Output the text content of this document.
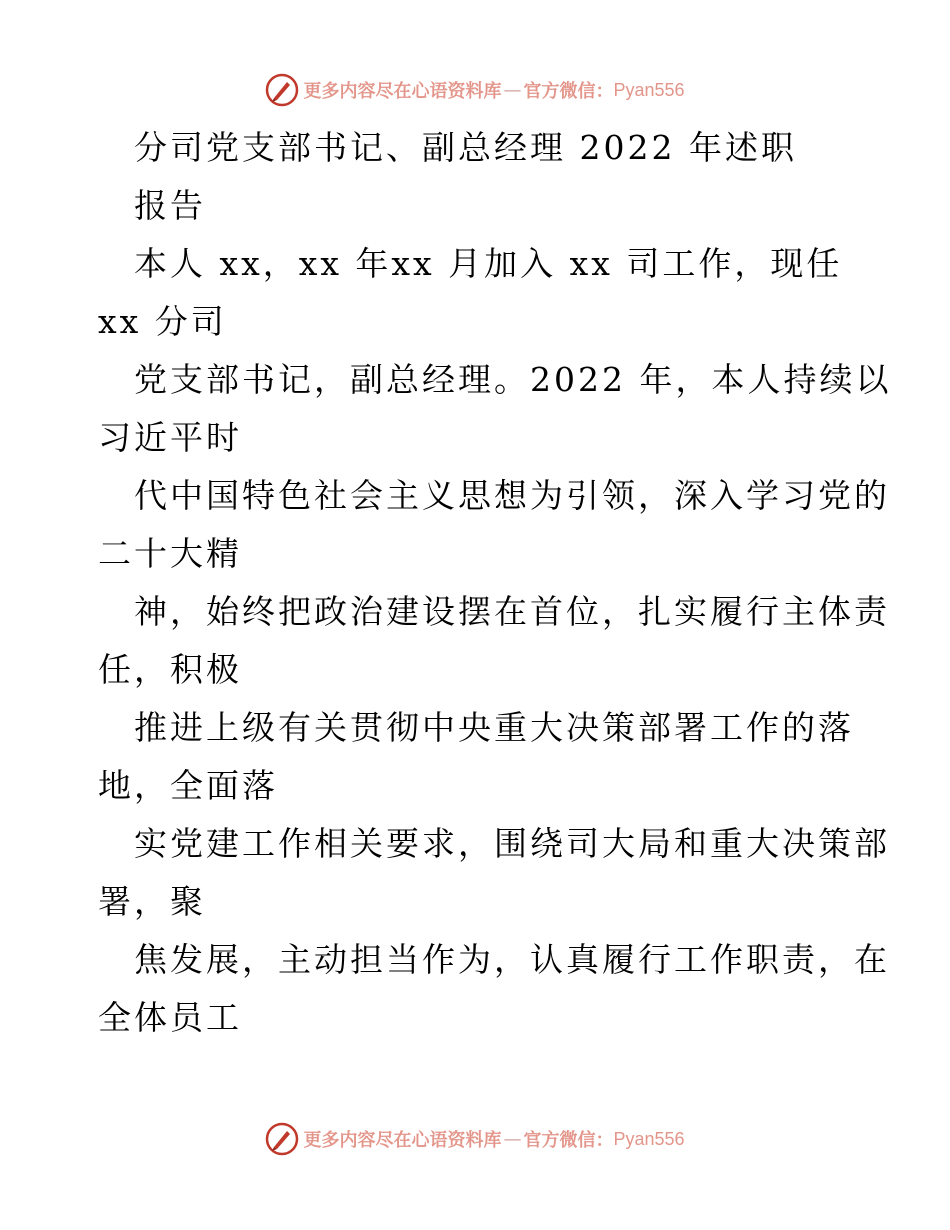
更多内容尽在心语资料库 — 官方微信： Pyan556
分司党支部书记、副总经理 2022 年述职
报告
本人 xx，xx 年xx 月加入 xx 司工作，现任
xx 分司
党支部书记，副总经理。2022 年，本人持续以
习近平时
代中国特色社会主义思想为引领，深入学习党的
二十大精
神，始终把政治建设摆在首位，扎实履行主体责
任，积极
推进上级有关贯彻中央重大决策部署工作的落
地，全面落
实党建工作相关要求，围绕司大局和重大决策部
署，聚
焦发展，主动担当作为，认真履行工作职责，在
全体员工
更多内容尽在心语资料库 — 官方微信： Pyan556
